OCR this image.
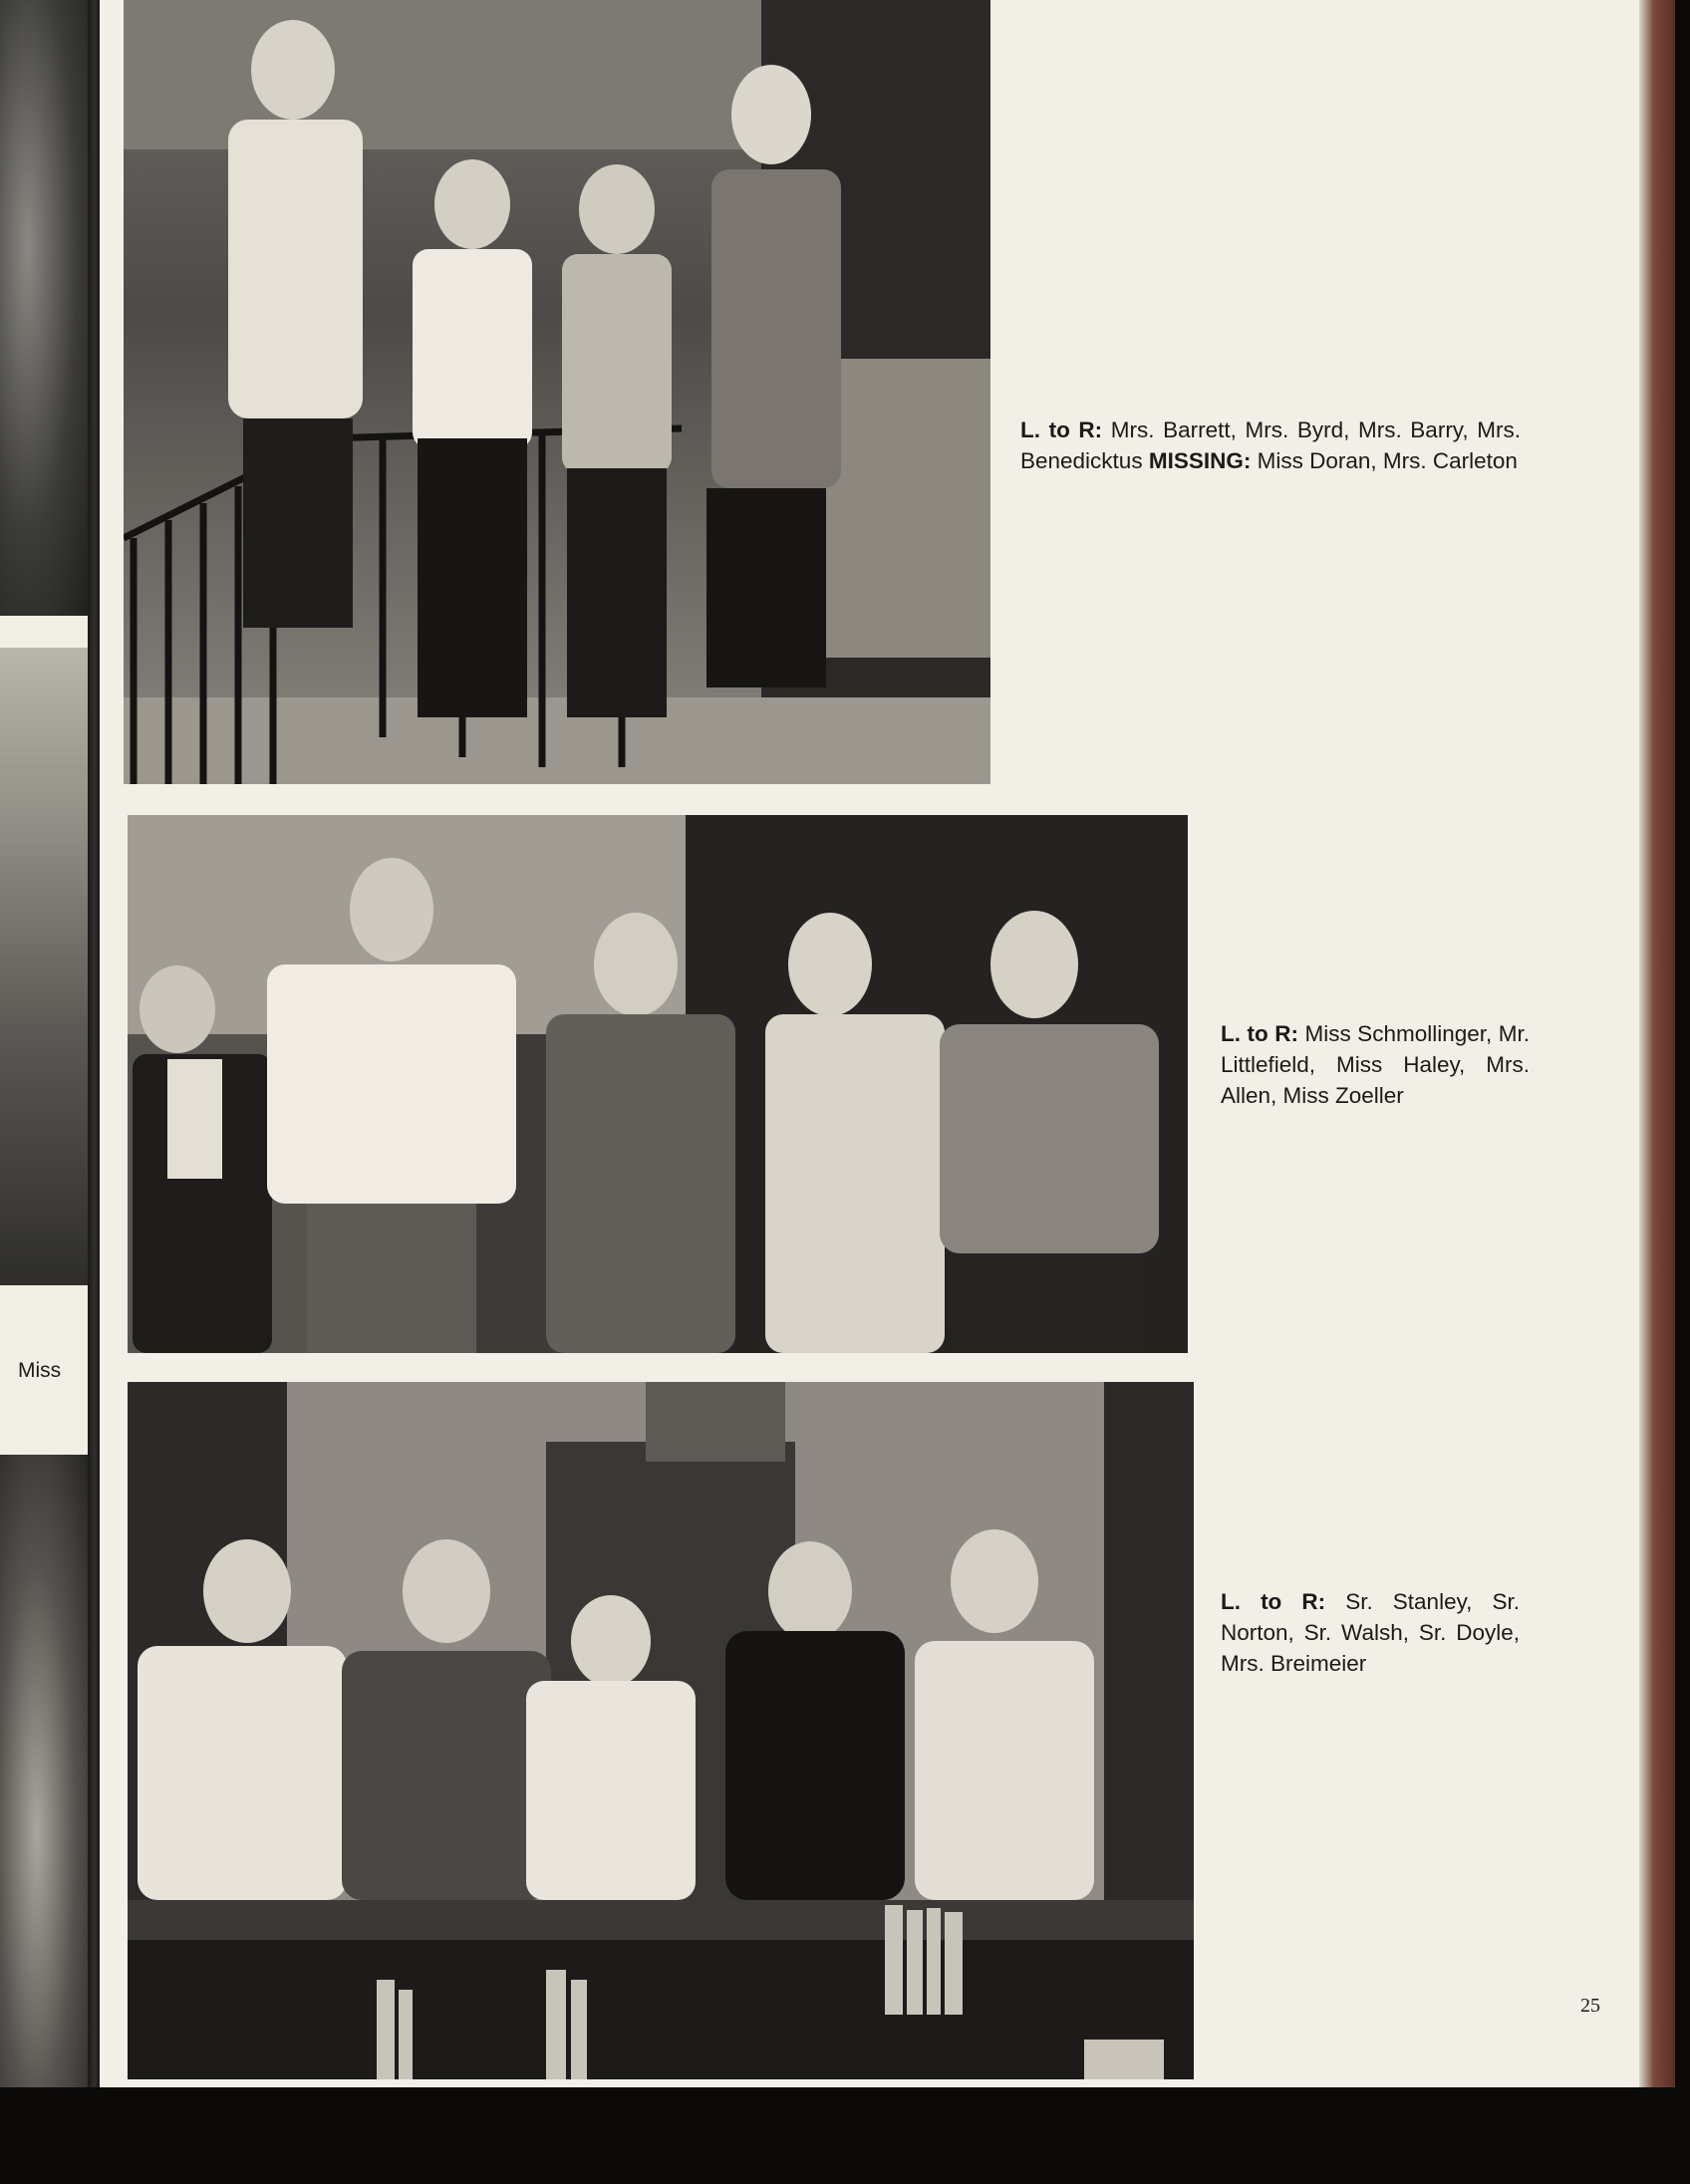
Miss
L. to R: Mrs. Barrett, Mrs. Byrd, Mrs. Barry, Mrs. Benedicktus MISSING: Miss Doran, Mrs. Carleton
L. to R: Miss Schmollinger, Mr. Littlefield, Miss Haley, Mrs. Allen, Miss Zoeller
L. to R: Sr. Stanley, Sr. Norton, Sr. Walsh, Sr. Doyle, Mrs. Breimeier
25
